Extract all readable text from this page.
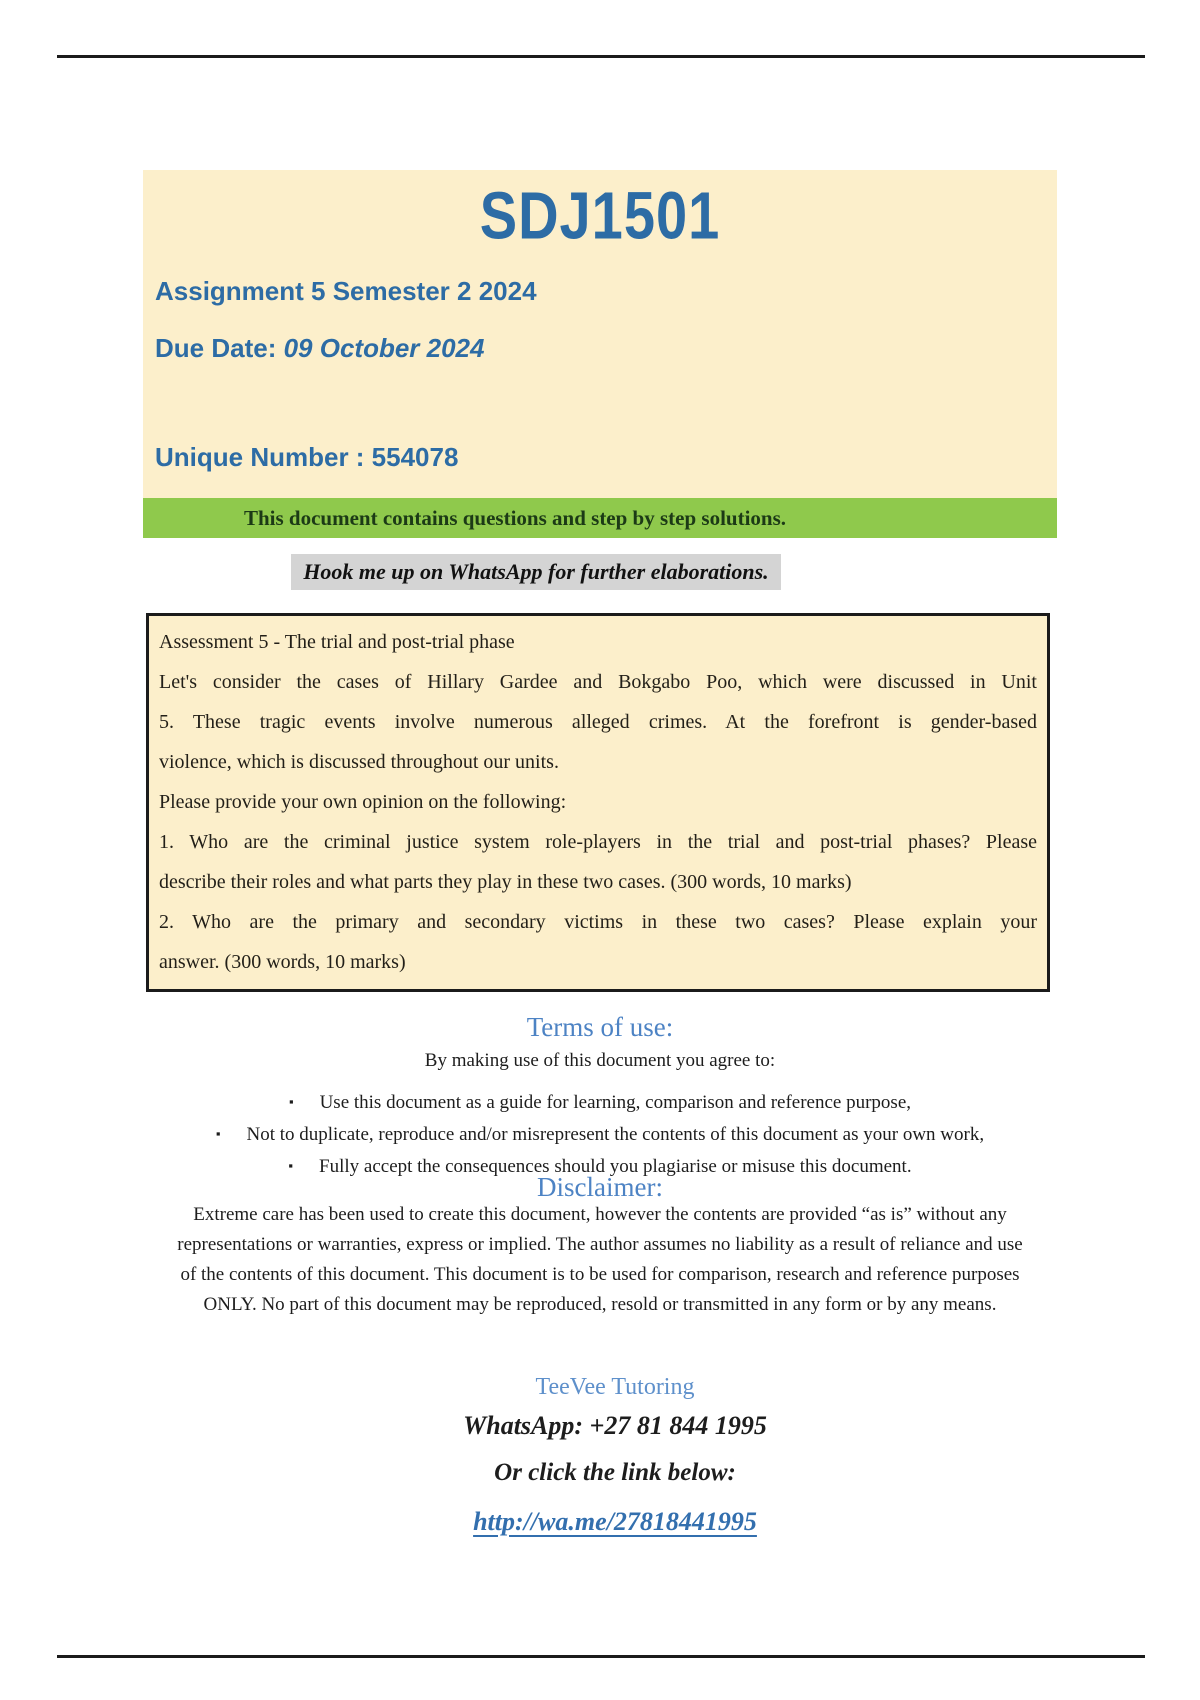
SDJ1501
Assignment 5 Semester 2 2024
Due Date: 09 October 2024
Unique Number : 554078
This document contains questions and step by step solutions.
Hook me up on WhatsApp for further elaborations.
Assessment 5 - The trial and post-trial phase
Let's consider the cases of Hillary Gardee and Bokgabo Poo, which were discussed in Unit
5. These tragic events involve numerous alleged crimes. At the forefront is gender-based
violence, which is discussed throughout our units.
Please provide your own opinion on the following:
1. Who are the criminal justice system role-players in the trial and post-trial phases? Please
describe their roles and what parts they play in these two cases. (300 words, 10 marks)
2. Who are the primary and secondary victims in these two cases? Please explain your
answer. (300 words, 10 marks)
Terms of use:
By making use of this document you agree to:
▪ Use this document as a guide for learning, comparison and reference purpose,
▪ Not to duplicate, reproduce and/or misrepresent the contents of this document as your own work,
▪ Fully accept the consequences should you plagiarise or misuse this document.
Disclaimer:
Extreme care has been used to create this document, however the contents are provided “as is” without any
representations or warranties, express or implied. The author assumes no liability as a result of reliance and use
of the contents of this document. This document is to be used for comparison, research and reference purposes
ONLY. No part of this document may be reproduced, resold or transmitted in any form or by any means.
TeeVee Tutoring
WhatsApp: +27 81 844 1995
Or click the link below:
http://wa.me/27818441995
